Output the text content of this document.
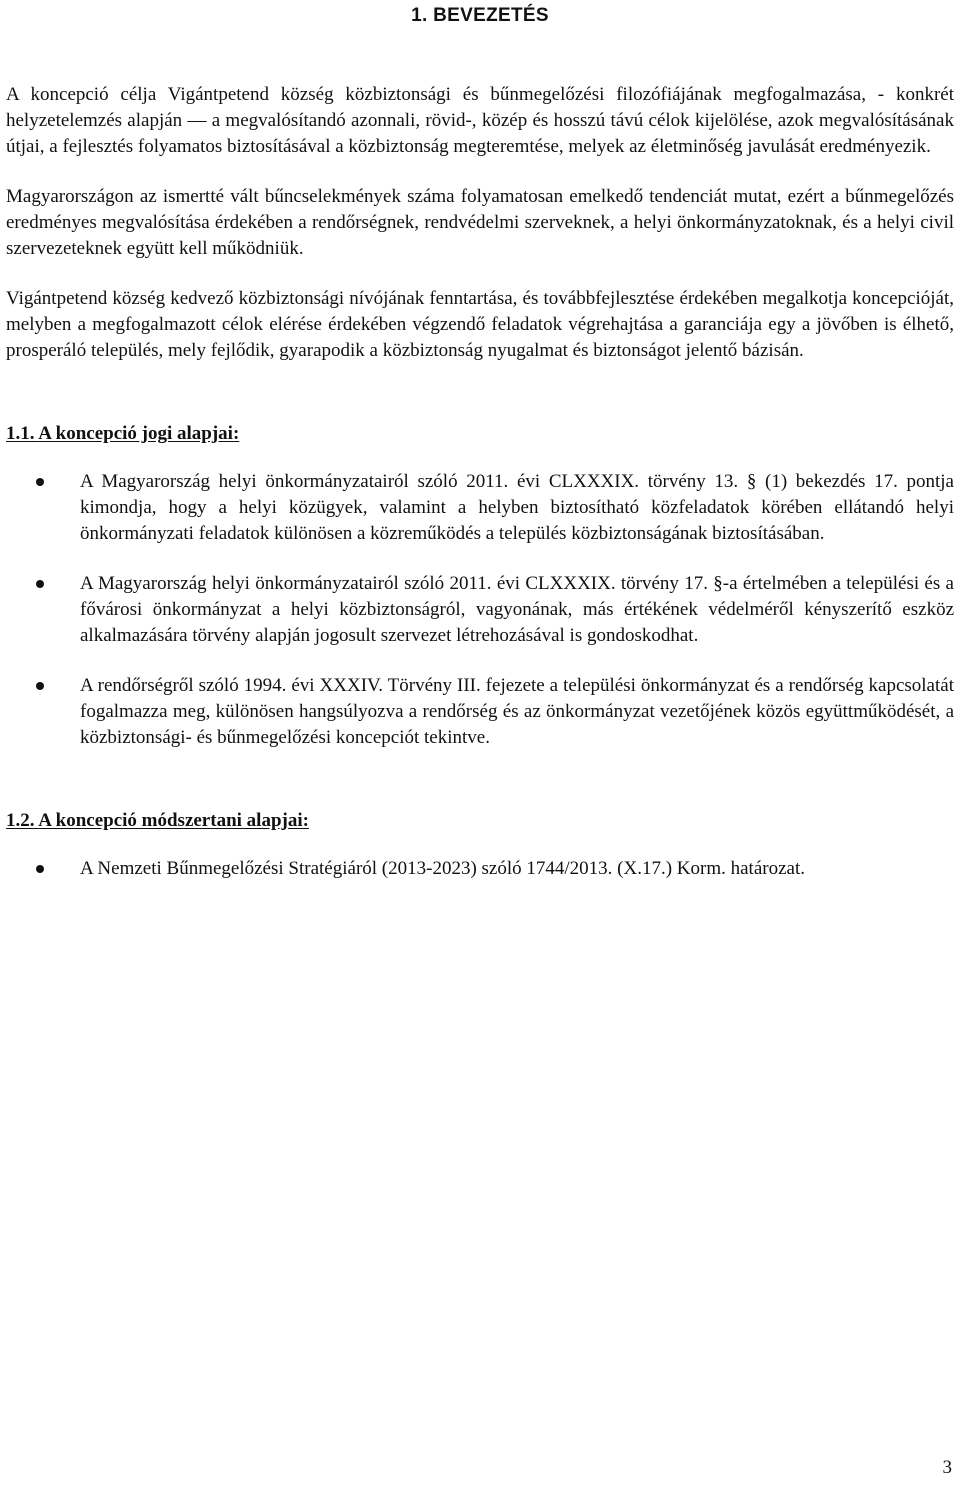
1. BEVEZETÉS

A koncepció célja Vigántpetend község közbiztonsági és bűnmegelőzési filozófiájának megfogalmazása, - konkrét helyzetelemzés alapján ― a megvalósítandó azonnali, rövid-, közép és hosszú távú célok kijelölése, azok megvalósításának útjai, a fejlesztés folyamatos biztosításával a közbiztonság megteremtése, melyek az életminőség javulását eredményezik.

Magyarországon az ismertté vált bűncselekmények száma folyamatosan emelkedő tendenciát mutat, ezért a bűnmegelőzés eredményes megvalósítása érdekében a rendőrségnek, rendvédelmi szerveknek, a helyi önkormányzatoknak, és a helyi civil szervezeteknek együtt kell működniük.

Vigántpetend község kedvező közbiztonsági nívójának fenntartása, és továbbfejlesztése érdekében megalkotja koncepcióját, melyben a megfogalmazott célok elérése érdekében végzendő feladatok végrehajtása a garanciája egy a jövőben is élhető, prosperáló település, mely fejlődik, gyarapodik a közbiztonság nyugalmat és biztonságot jelentő bázisán.

1.1. A koncepció jogi alapjai:
A Magyarország helyi önkormányzatairól szóló 2011. évi CLXXXIX. törvény 13. § (1) bekezdés 17. pontja kimondja, hogy a helyi közügyek, valamint a helyben biztosítható közfeladatok körében ellátandó helyi önkormányzati feladatok különösen a közreműködés a település közbiztonságának biztosításában.
A Magyarország helyi önkormányzatairól szóló 2011. évi CLXXXIX. törvény 17. §-a értelmében a települési és a fővárosi önkormányzat a helyi közbiztonságról, vagyonának, más értékének védelméről kényszerítő eszköz alkalmazására törvény alapján jogosult szervezet létrehozásával is gondoskodhat.
A rendőrségről szóló 1994. évi XXXIV. Törvény III. fejezete a települési önkormányzat és a rendőrség kapcsolatát fogalmazza meg, különösen hangsúlyozva a rendőrség és az önkormányzat vezetőjének közös együttműködését, a közbiztonsági- és bűnmegelőzési koncepciót tekintve.
1.2. A koncepció módszertani alapjai:
A Nemzeti Bűnmegelőzési Stratégiáról (2013-2023) szóló 1744/2013. (X.17.) Korm. határozat.
3
